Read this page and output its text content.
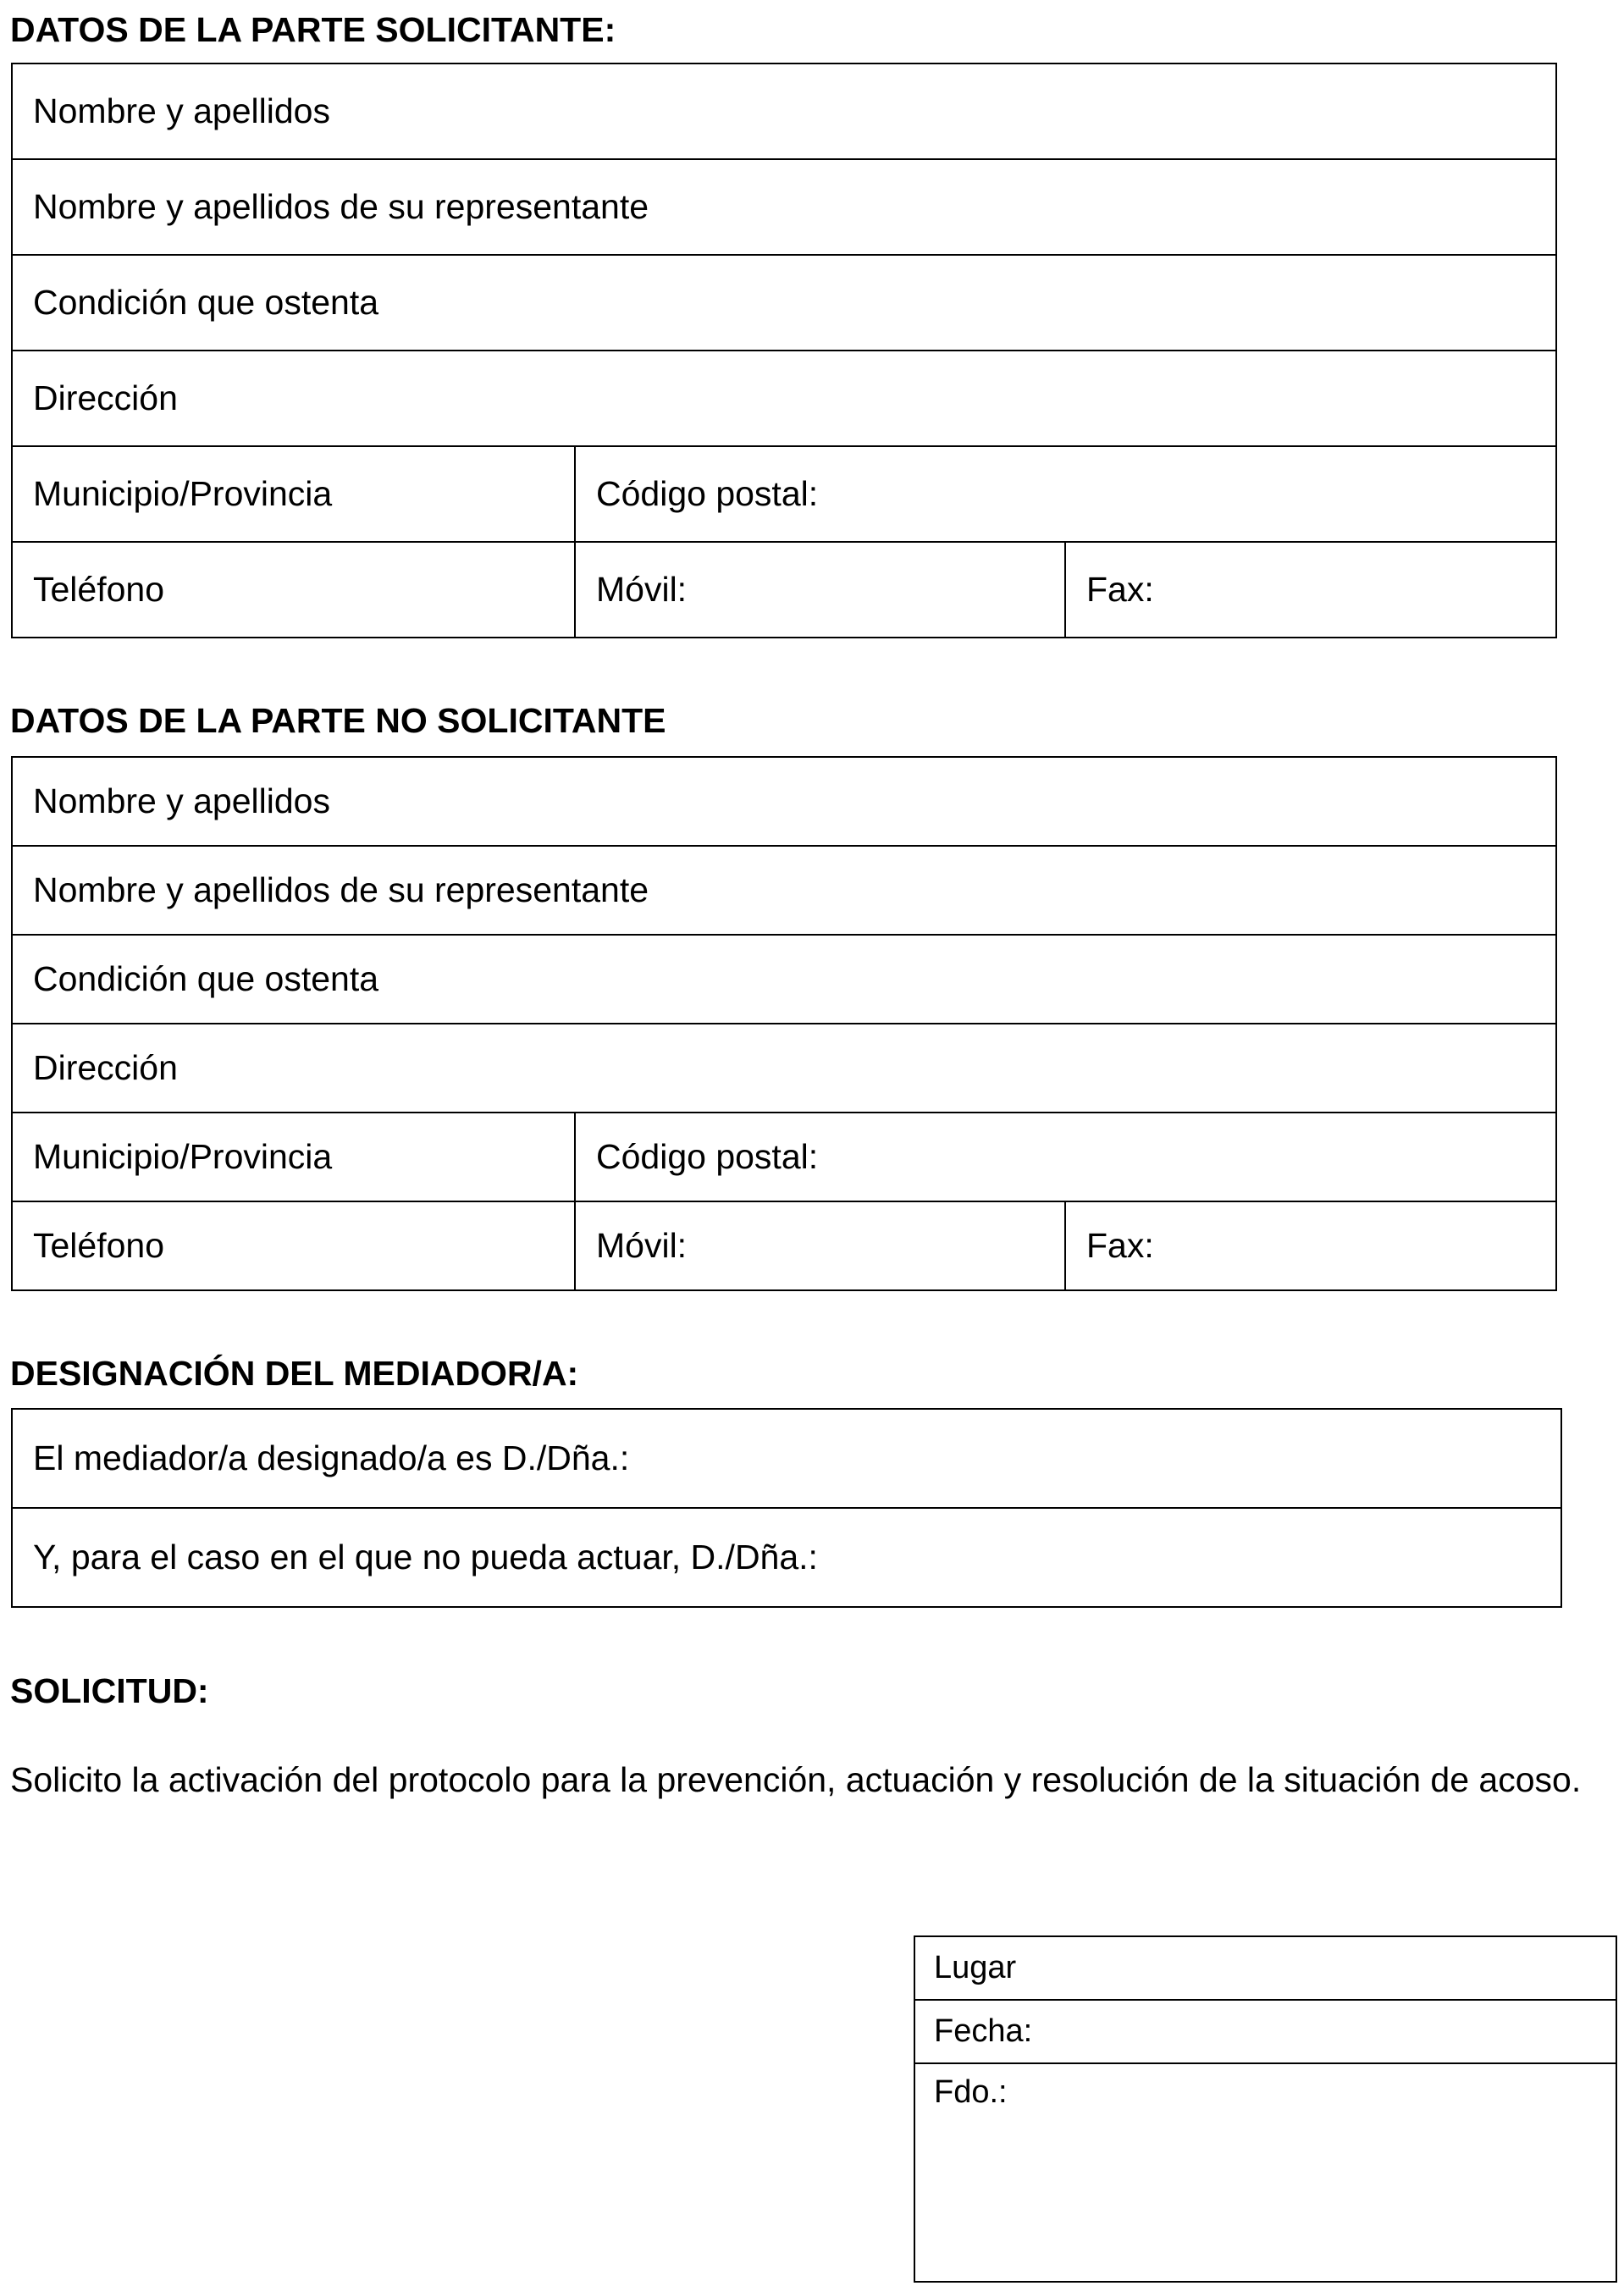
DATOS DE LA PARTE SOLICITANTE:
Nombre y apellidos		
Nombre y apellidos de su representante		
Condición que ostenta		
Dirección		
Municipio/Provincia	Código postal:	
Teléfono	Móvil:	Fax:
DATOS DE LA PARTE NO SOLICITANTE
Nombre y apellidos		
Nombre y apellidos de su representante		
Condición que ostenta		
Dirección		
Municipio/Provincia	Código postal:	
Teléfono	Móvil:	Fax:
DESIGNACIÓN DEL MEDIADOR/A:
El mediador/a designado/a es D./Dña.:
Y, para el caso en el que no pueda actuar, D./Dña.:
SOLICITUD:
Solicito la activación del protocolo para la prevención, actuación y resolución de la situación de acoso.
Lugar
Fecha:
Fdo.:
